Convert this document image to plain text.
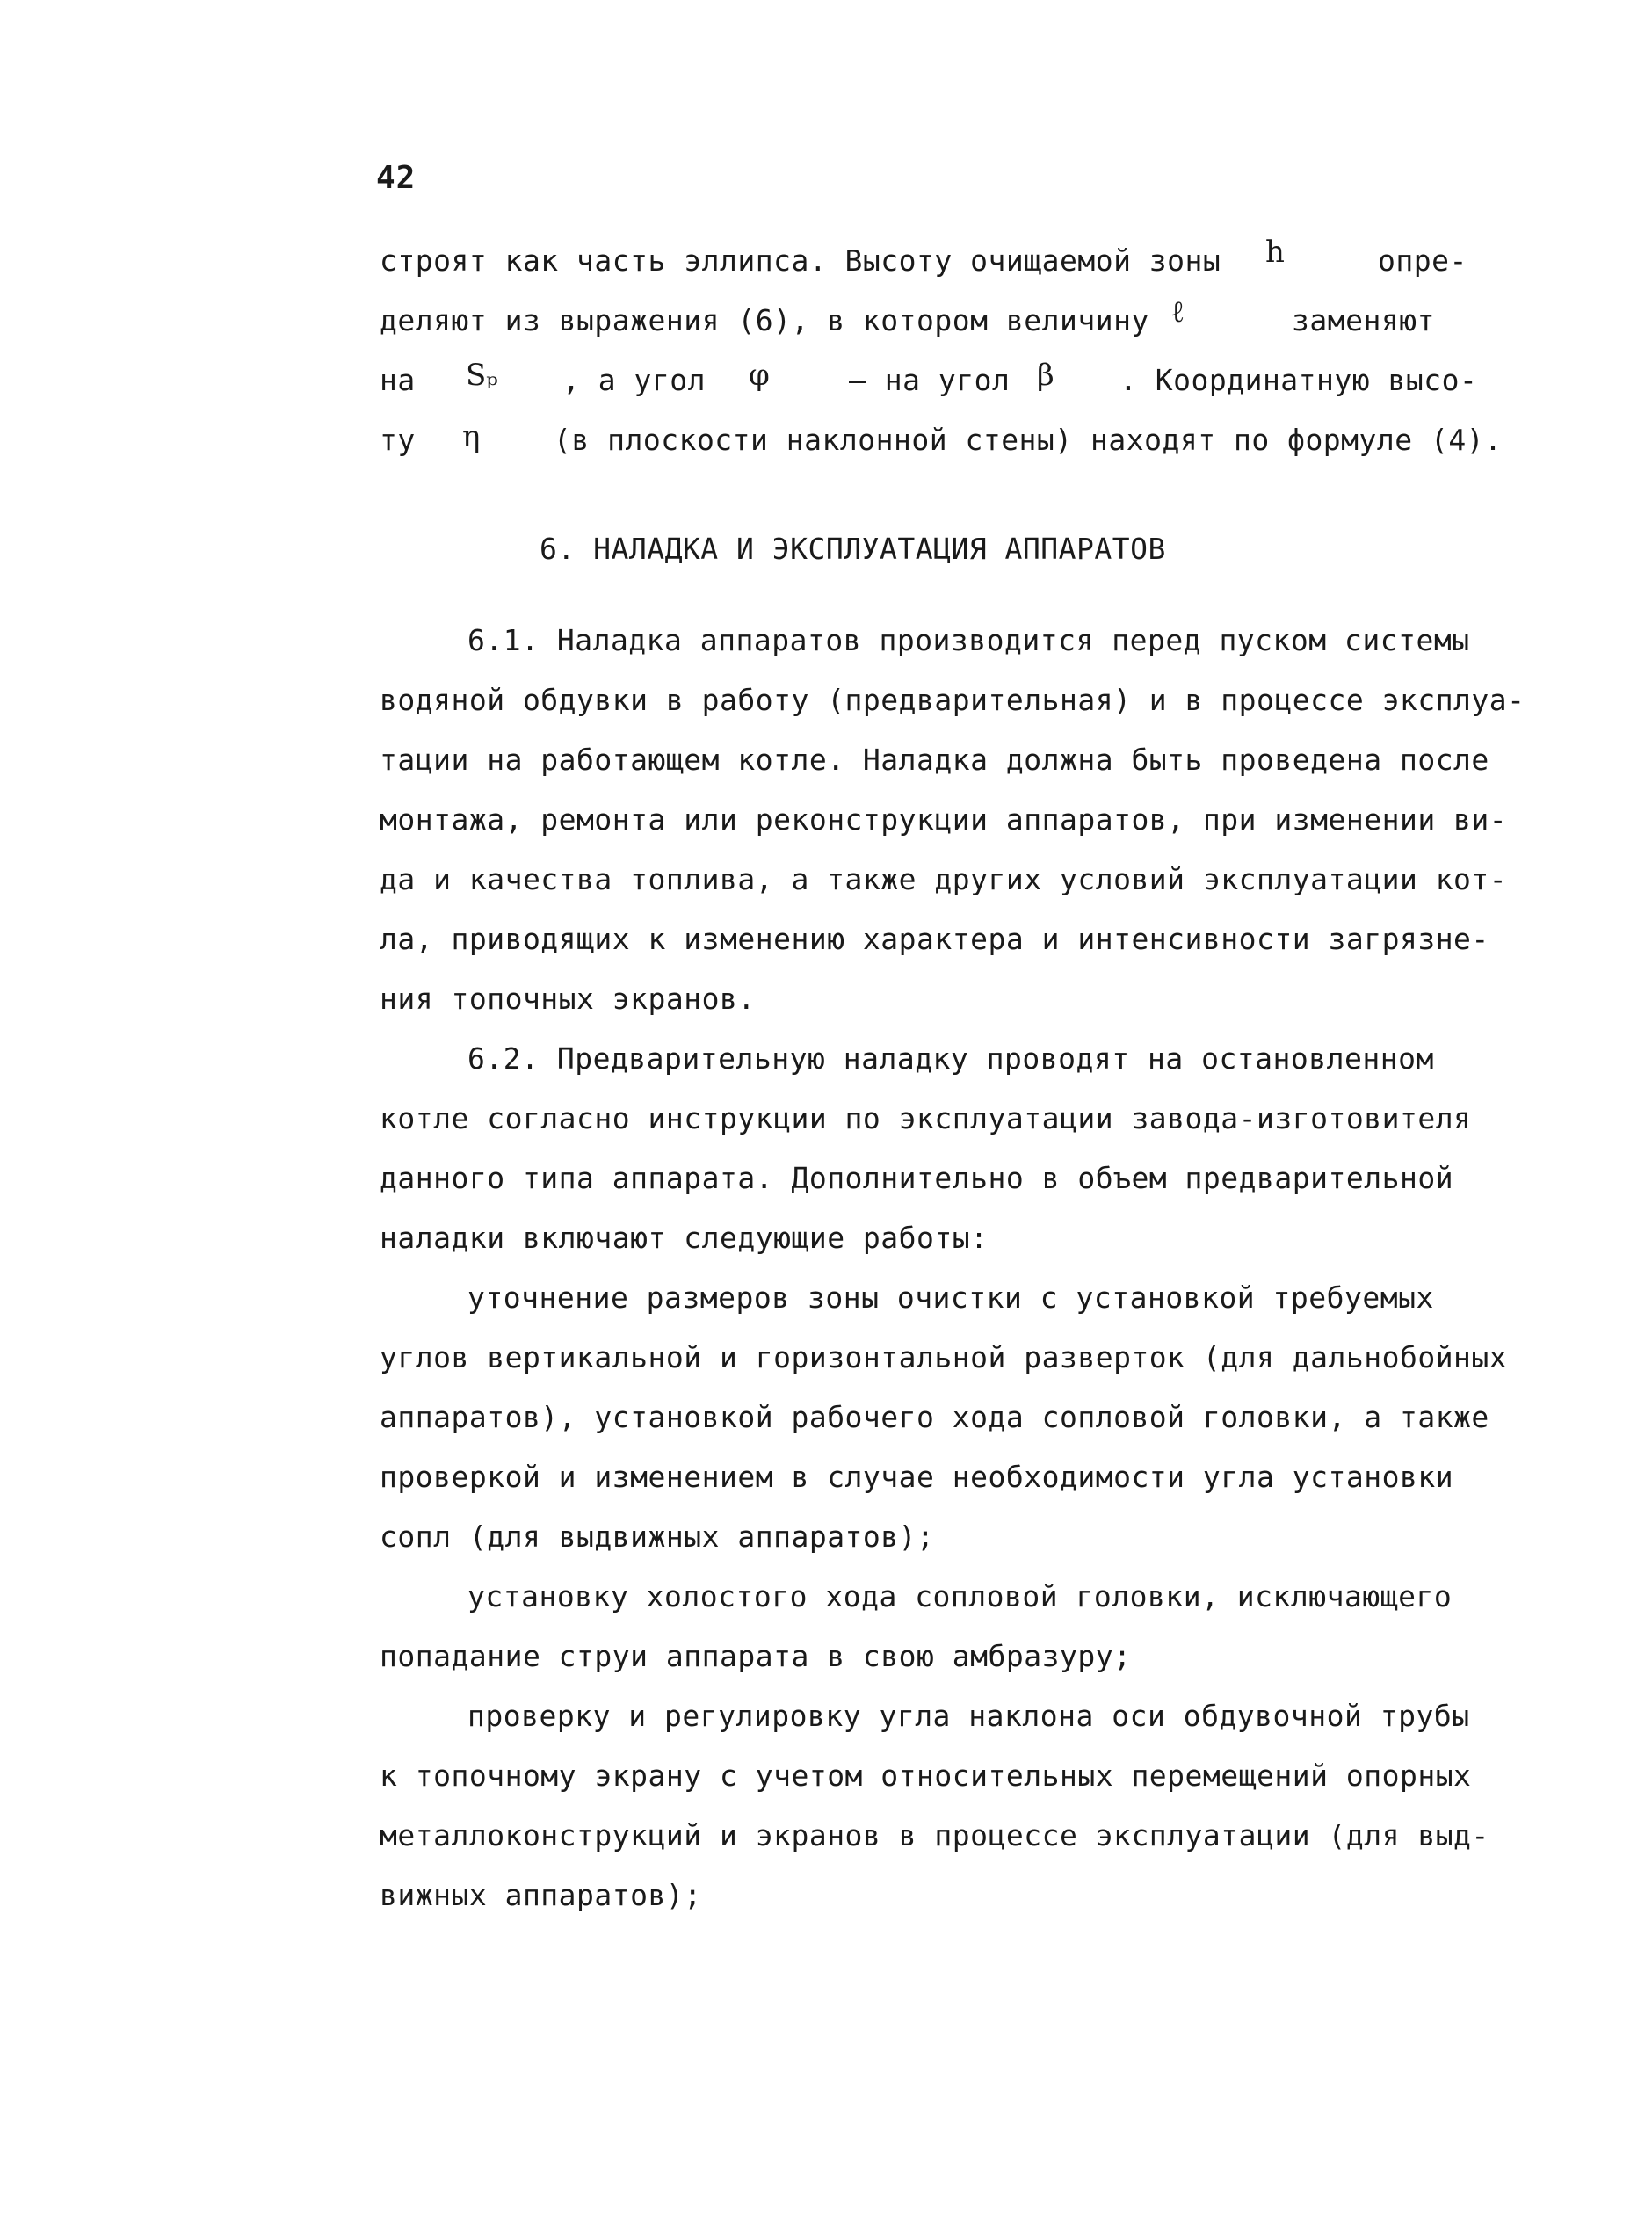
42
строят как часть эллипса. Высоту очищаемой зоны h	опре-
деляют из выражения (6), в котором величину ℓ	заменяют
на Sₚ , а угол φ	– на угол β . Координатную высо-
ту η	(в плоскости наклонной стены) находят по формуле (4).
6. НАЛАДКА И ЭКСПЛУАТАЦИЯ АППАРАТОВ
6.1. Наладка аппаратов производится перед пуском системы
водяной обдувки в работу (предварительная) и в процессе эксплуа-
тации на работающем котле. Наладка должна быть проведена после
монтажа, ремонта или реконструкции аппаратов, при изменении ви-
да и качества топлива, а также других условий эксплуатации кот-
ла, приводящих к изменению характера и интенсивности загрязне-
ния топочных экранов.
6.2. Предварительную наладку проводят на остановленном
котле согласно инструкции по эксплуатации завода-изготовителя
данного типа аппарата. Дополнительно в объем предварительной
наладки включают следующие работы:
уточнение размеров зоны очистки с установкой требуемых
углов вертикальной и горизонтальной разверток (для дальнобойных
аппаратов), установкой рабочего хода сопловой головки, а также
проверкой и изменением в случае необходимости угла установки
сопл (для выдвижных аппаратов);
установку холостого хода сопловой головки, исключающего
попадание струи аппарата в свою амбразуру;
проверку и регулировку угла наклона оси обдувочной трубы
к топочному экрану с учетом относительных перемещений опорных
металлоконструкций и экранов в процессе эксплуатации (для выд-
вижных аппаратов);
